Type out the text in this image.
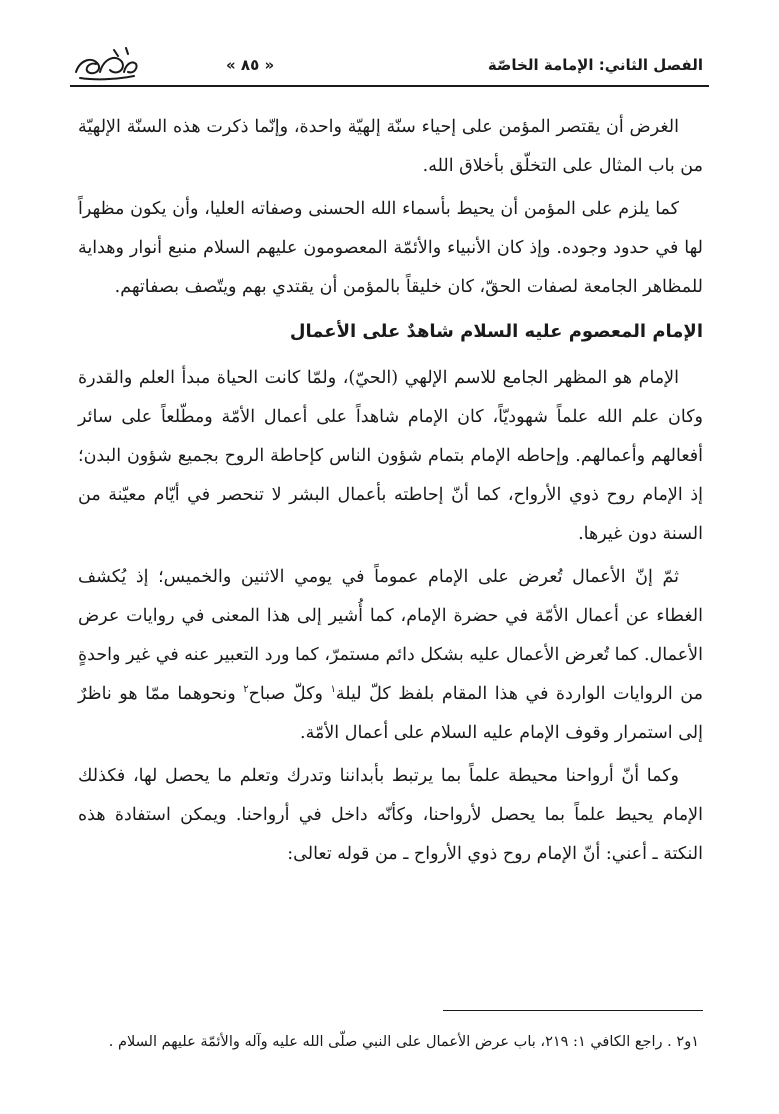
الفصل الثاني: الإمامة الخاصّة
« ٨٥ »

الغرض أن يقتصر المؤمن على إحياء سنّة إلهيّة واحدة، وإنّما ذكرت هذه السنّة الإلهيّة من باب المثال على التخلّق بأخلاق الله.

كما يلزم على المؤمن أن يحيط بأسماء الله الحسنى وصفاته العليا، وأن يكون مظهراً لها في حدود وجوده. وإذ كان الأنبياء والأئمّة المعصومون عليهم السلام منبع أنوار وهداية للمظاهر الجامعة لصفات الحقّ، كان خليقاً بالمؤمن أن يقتدي بهم ويتّصف بصفاتهم.

الإمام المعصوم عليه السلام شاهدٌ على الأعمال

الإمام هو المظهر الجامع للاسم الإلهي (الحيّ)، ولمّا كانت الحياة مبدأ العلم والقدرة وكان علم الله علماً شهوديّاً، كان الإمام شاهداً على أعمال الأمّة ومطّلعاً على سائر أفعالهم وأعمالهم. وإحاطه الإمام بتمام شؤون الناس كإحاطة الروح بجميع شؤون البدن؛ إذ الإمام روح ذوي الأرواح، كما أنّ إحاطته بأعمال البشر لا تنحصر في أيّام معيّنة من السنة دون غيرها.

ثمّ إنّ الأعمال تُعرض على الإمام عموماً في يومي الاثنين والخميس؛ إذ يُكشف الغطاء عن أعمال الأمّة في حضرة الإمام، كما أُشير إلى هذا المعنى في روايات عرض الأعمال. كما تُعرض الأعمال عليه بشكل دائم مستمرّ، كما ورد التعبير عنه في غير واحدةٍ من الروايات الواردة في هذا المقام بلفظ كلّ ليلة$^١$ وكلّ صباح$^٢$ ونحوهما ممّا هو ناظرٌ إلى استمرار وقوف الإمام عليه السلام على أعمال الأمّة.

وكما أنّ أرواحنا محيطة علماً بما يرتبط بأبداننا وتدرك وتعلم ما يحصل لها، فكذلك الإمام يحيط علماً بما يحصل لأرواحنا، وكأنّه داخل في أرواحنا. ويمكن استفادة هذه النكتة ـ أعني: أنّ الإمام روح ذوي الأرواح ـ من قوله تعالى:

١و٢ . راجع الكافي ١: ٢١٩، باب عرض الأعمال على النبي صلّى الله عليه وآله والأئمّة عليهم السلام .
